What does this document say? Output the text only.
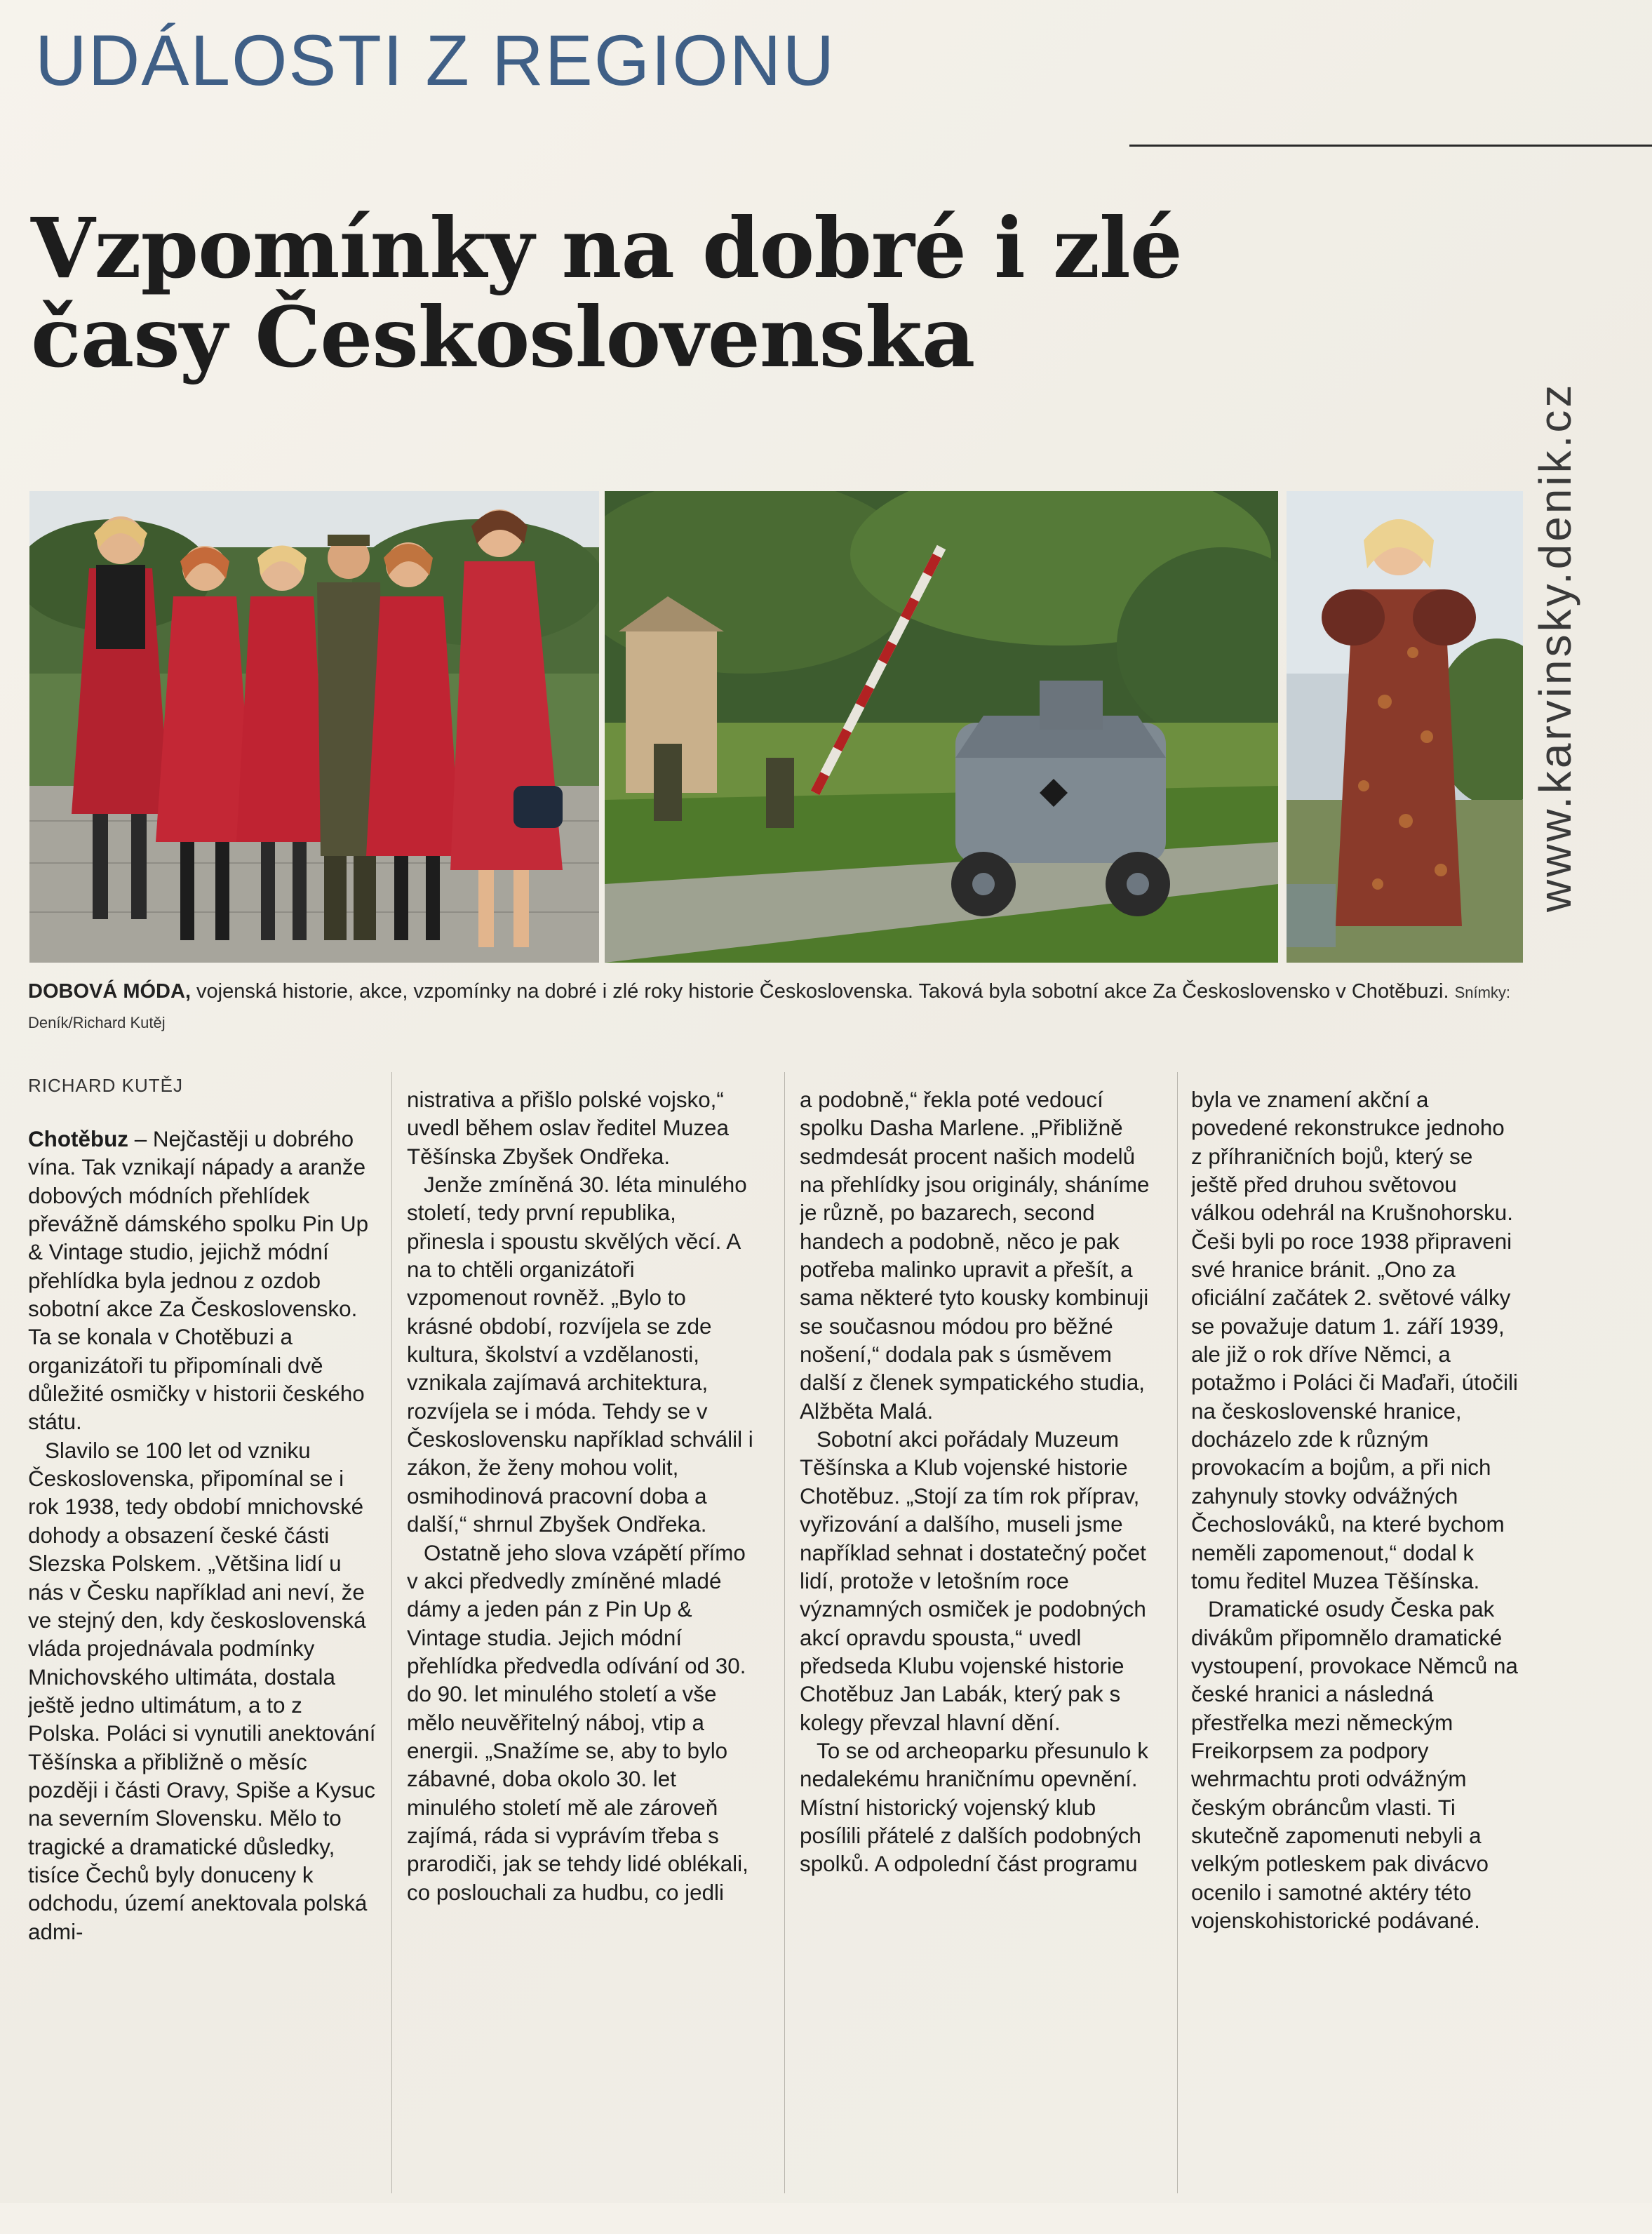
UDÁLOSTI Z REGIONU
Vzpomínky na dobré i zlé časy Československa

DOBOVÁ MÓDA, vojenská historie, akce, vzpomínky na dobré i zlé roky historie Československa. Taková byla sobotní akce Za Československo v Chotěbuzi. Snímky: Deník/Richard Kutěj

RICHARD KUTĚJ

Chotěbuz – Nejčastěji u dobrého vína. Tak vznikají nápady a aranže dobových módních přehlídek převážně dámského spolku Pin Up & Vintage studio, jejichž módní přehlídka byla jednou z ozdob sobotní akce Za Československo. Ta se konala v Chotěbuzi a organizátoři tu připomínali dvě důležité osmičky v historii českého státu.

Slavilo se 100 let od vzniku Československa, připomínal se i rok 1938, tedy období mnichovské dohody a obsazení české části Slezska Polskem. „Většina lidí u nás v Česku například ani neví, že ve stejný den, kdy československá vláda projednávala podmínky Mnichovského ultimáta, dostala ještě jedno ultimátum, a to z Polska. Poláci si vynutili anektování Těšínska a přibližně o měsíc později i části Oravy, Spiše a Kysuc na severním Slovensku. Mělo to tragické a dramatické důsledky, tisíce Čechů byly donuceny k odchodu, území anektovala polská admi-

nistrativa a přišlo polské vojsko,“ uvedl během oslav ředitel Muzea Těšínska Zbyšek Ondřeka.

Jenže zmíněná 30. léta minulého století, tedy první republika, přinesla i spoustu skvělých věcí. A na to chtěli organizátoři vzpomenout rovněž. „Bylo to krásné období, rozvíjela se zde kultura, školství a vzdělanosti, vznikala zajímavá architektura, rozvíjela se i móda. Tehdy se v Československu například schválil i zákon, že ženy mohou volit, osmihodinová pracovní doba a další,“ shrnul Zbyšek Ondřeka.

Ostatně jeho slova vzápětí přímo v akci předvedly zmíněné mladé dámy a jeden pán z Pin Up & Vintage studia. Jejich módní přehlídka předvedla odívání od 30. do 90. let minulého století a vše mělo neuvěřitelný náboj, vtip a energii. „Snažíme se, aby to bylo zábavné, doba okolo 30. let minulého století mě ale zároveň zajímá, ráda si vyprávím třeba s prarodiči, jak se tehdy lidé oblékali, co poslouchali za hudbu, co jedli

a podobně,“ řekla poté vedoucí spolku Dasha Marlene. „Přibližně sedmdesát procent našich modelů na přehlídky jsou originály, sháníme je různě, po bazarech, second handech a podobně, něco je pak potřeba malinko upravit a přešít, a sama některé tyto kousky kombinuji se současnou módou pro běžné nošení,“ dodala pak s úsměvem další z členek sympatického studia, Alžběta Malá.

Sobotní akci pořádaly Muzeum Těšínska a Klub vojenské historie Chotěbuz. „Stojí za tím rok příprav, vyřizování a dalšího, museli jsme například sehnat i dostatečný počet lidí, protože v letošním roce významných osmiček je podobných akcí opravdu spousta,“ uvedl předseda Klubu vojenské historie Chotěbuz Jan Labák, který pak s kolegy převzal hlavní dění.

To se od archeoparku přesunulo k nedalekému hraničnímu opevnění. Místní historický vojenský klub posílili přátelé z dalších podobných spolků. A odpolední část programu

byla ve znamení akční a povedené rekonstrukce jednoho z příhraničních bojů, který se ještě před druhou světovou válkou odehrál na Krušnohorsku. Češi byli po roce 1938 připraveni své hranice bránit. „Ono za oficiální začátek 2. světové války se považuje datum 1. září 1939, ale již o rok dříve Němci, a potažmo i Poláci či Maďaři, útočili na československé hranice, docházelo zde k různým provokacím a bojům, a při nich zahynuly stovky odvážných Čechoslováků, na které bychom neměli zapomenout,“ dodal k tomu ředitel Muzea Těšínska.

Dramatické osudy Česka pak divákům připomnělo dramatické vystoupení, provokace Němců na české hranici a následná přestřelka mezi německým Freikorpsem za podpory wehrmachtu proti odvážným českým obráncům vlasti. Ti skutečně zapomenuti nebyli a velkým potleskem pak divácvo ocenilo i samotné aktéry této vojenskohistorické podávané.

www.karvinsky.denik.cz
